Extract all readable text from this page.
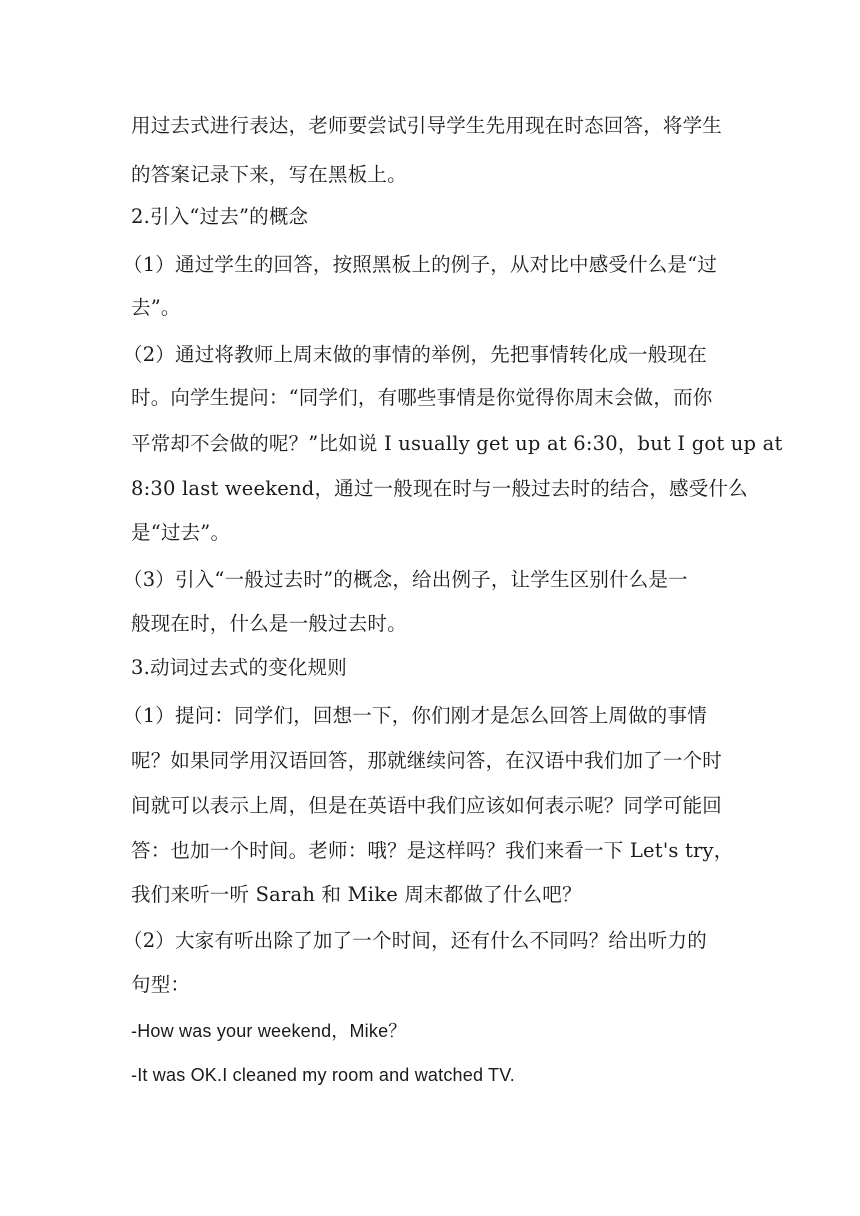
用过去式进行表达，老师要尝试引导学生先用现在时态回答，将学生
的答案记录下来，写在黑板上。
2.引入“过去”的概念
（1）通过学生的回答，按照黑板上的例子，从对比中感受什么是“过
去”。
（2）通过将教师上周末做的事情的举例，先把事情转化成一般现在
时。向学生提问：“同学们，有哪些事情是你觉得你周末会做，而你
平常却不会做的呢？”比如说 I usually get up at 6:30，but I got up at
8:30 last weekend，通过一般现在时与一般过去时的结合，感受什么
是“过去”。
（3）引入“一般过去时”的概念，给出例子，让学生区别什么是一
般现在时，什么是一般过去时。
3.动词过去式的变化规则
（1）提问：同学们，回想一下，你们刚才是怎么回答上周做的事情
呢？如果同学用汉语回答，那就继续问答，在汉语中我们加了一个时
间就可以表示上周，但是在英语中我们应该如何表示呢？同学可能回
答：也加一个时间。老师：哦？是这样吗？我们来看一下 Let's try，
我们来听一听 Sarah 和 Mike 周末都做了什么吧？
（2）大家有听出除了加了一个时间，还有什么不同吗？给出听力的
句型：
-How was your weekend，Mike？
-It was OK.I cleaned my room and watched TV.
